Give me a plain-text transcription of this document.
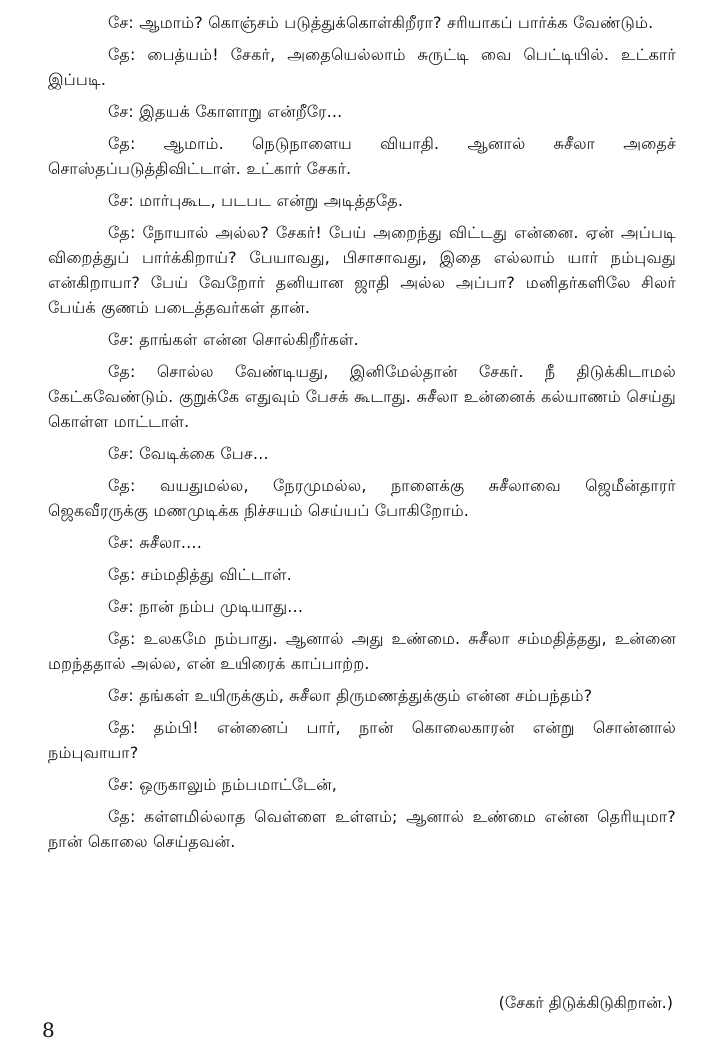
சே: ஆமாம்? கொஞ்சம் படுத்துக்கொள்கிறீரா? சரியாகப் பார்க்க வேண்டும்.

தே: பைத்யம்! சேகர், அதையெல்லாம் சுருட்டி வை பெட்டியில். உட்கார் இப்படி.

சே: இதயக் கோளாறு என்றீரே...

தே: ஆமாம். நெடுநாளைய வியாதி. ஆனால் சுசீலா அதைச் சொஸ்தப்படுத்திவிட்டாள். உட்கார் சேகர்.

சே: மார்புகூட, படபட என்று அடித்ததே.

தே: நோயால் அல்ல? சேகர்! பேய் அறைந்து விட்டது என்னை. ஏன் அப்படி விறைத்துப் பார்க்கிறாய்? பேயாவது, பிசாசாவது, இதை எல்லாம் யார் நம்புவது என்கிறாயா? பேய் வேறோர் தனியான ஜாதி அல்ல அப்பா? மனிதர்களிலே சிலர் பேய்க் குணம் படைத்தவர்கள் தான்.

சே: தாங்கள் என்ன சொல்கிறீர்கள்.

தே: சொல்ல வேண்டியது, இனிமேல்தான் சேகர். நீ திடுக்கிடாமல் கேட்கவேண்டும். குறுக்கே எதுவும் பேசக் கூடாது. சுசீலா உன்னைக் கல்யாணம் செய்து கொள்ள மாட்டாள்.

சே: வேடிக்கை பேச...

தே: வயதுமல்ல, நேரமுமல்ல, நாளைக்கு சுசீலாவை ஜெமீன்தாரர் ஜெகவீரருக்கு மணமுடிக்க நிச்சயம் செய்யப் போகிறோம்.

சே: சுசீலா....

தே: சம்மதித்து விட்டாள்.

சே: நான் நம்ப முடியாது...

தே: உலகமே நம்பாது. ஆனால் அது உண்மை. சுசீலா சம்மதித்தது, உன்னை மறந்ததால் அல்ல, என் உயிரைக் காப்பாற்ற.

சே: தங்கள் உயிருக்கும், சுசீலா திருமணத்துக்கும் என்ன சம்பந்தம்?

தே: தம்பி! என்னைப் பார், நான் கொலைகாரன் என்று சொன்னால் நம்புவாயா?

சே: ஒருகாலும் நம்பமாட்டேன்,

தே: கள்ளமில்லாத வெள்ளை உள்ளம்; ஆனால் உண்மை என்ன தெரியுமா? நான் கொலை செய்தவன்.

(சேகர் திடுக்கிடுகிறான்.)
8
